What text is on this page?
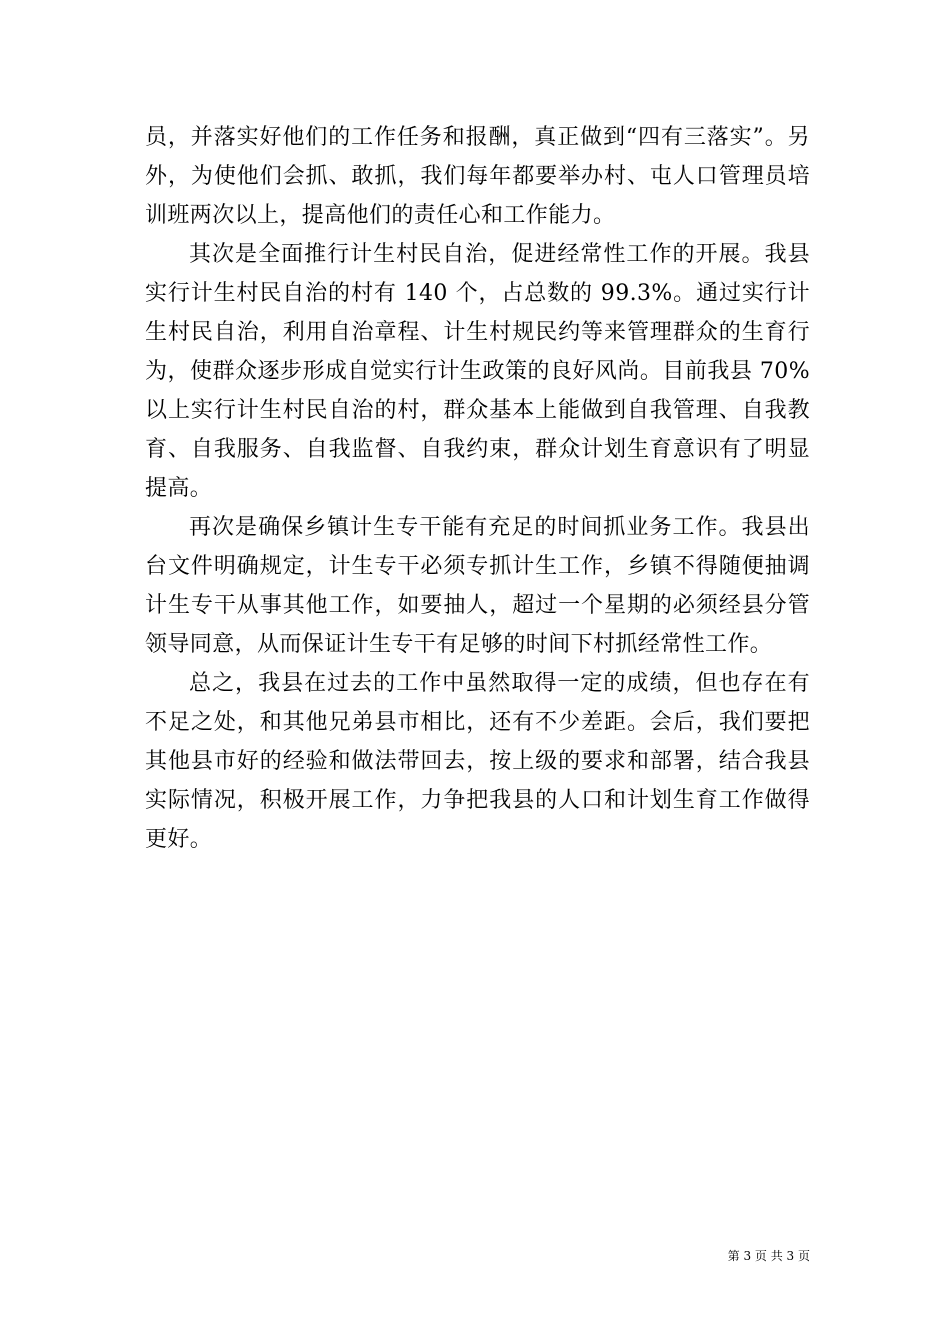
员，并落实好他们的工作任务和报酬，真正做到“四有三落实”。另外，为使他们会抓、敢抓，我们每年都要举办村、屯人口管理员培训班两次以上，提高他们的责任心和工作能力。

其次是全面推行计生村民自治，促进经常性工作的开展。我县实行计生村民自治的村有 140 个，占总数的 99.3%。通过实行计生村民自治，利用自治章程、计生村规民约等来管理群众的生育行为，使群众逐步形成自觉实行计生政策的良好风尚。目前我县 70%以上实行计生村民自治的村，群众基本上能做到自我管理、自我教育、自我服务、自我监督、自我约束，群众计划生育意识有了明显提高。

再次是确保乡镇计生专干能有充足的时间抓业务工作。我县出台文件明确规定，计生专干必须专抓计生工作，乡镇不得随便抽调计生专干从事其他工作，如要抽人，超过一个星期的必须经县分管领导同意，从而保证计生专干有足够的时间下村抓经常性工作。

总之，我县在过去的工作中虽然取得一定的成绩，但也存在有不足之处，和其他兄弟县市相比，还有不少差距。会后，我们要把其他县市好的经验和做法带回去，按上级的要求和部署，结合我县实际情况，积极开展工作，力争把我县的人口和计划生育工作做得更好。

第 3 页 共 3 页
